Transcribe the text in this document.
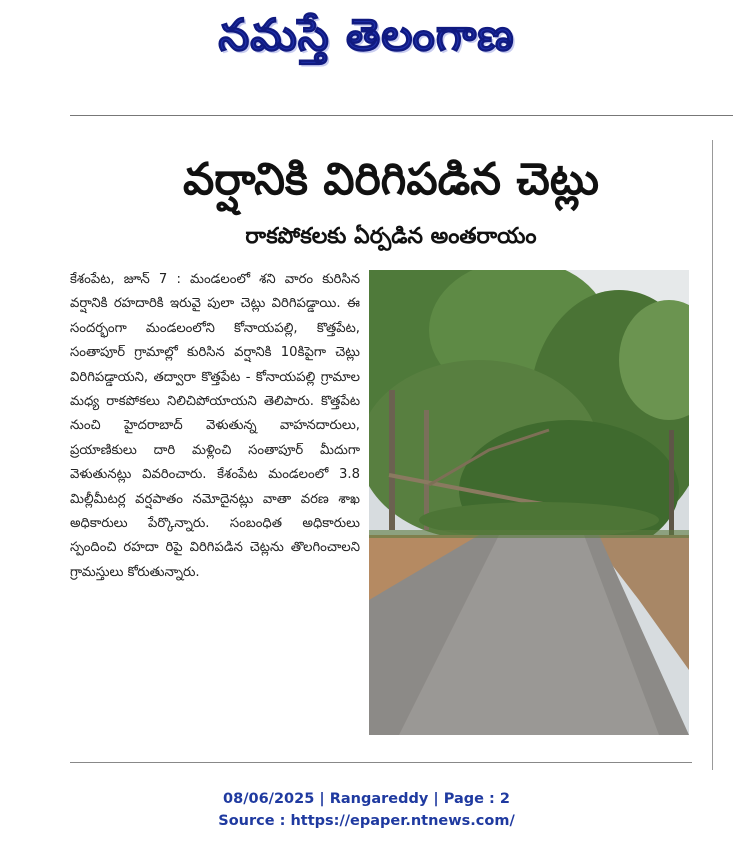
నమస్తే తెలంగాణ
వర్షానికి విరిగిపడిన చెట్లు
రాకపోకలకు ఏర్పడిన అంతరాయం

కేశంపేట, జూన్ 7 : మండలంలో శని వారం కురిసిన వర్షానికి రహదారికి ఇరువై పులా చెట్లు విరిగిపడ్డాయి. ఈ సందర్భంగా మండలంలోని కోనాయపల్లి, కొత్తపేట, సంతాపూర్ గ్రామాల్లో కురిసిన వర్షానికి 10కిపైగా చెట్లు విరిగిపడ్డాయని, తద్వారా కొత్తపేట - కోనాయపల్లి గ్రామాల మధ్య రాకపోకలు నిలిచిపోయాయని తెలిపారు. కొత్తపేట నుంచి హైదరాబాద్ వెళుతున్న వాహనదారులు, ప్రయాణికులు దారి మళ్లించి సంతాపూర్ మీదుగా వెళుతునట్లు వివరించారు. కేశంపేట మండలంలో 3.8 మిల్లీమీటర్ల వర్షపాతం నమోదైనట్లు వాతా వరణ శాఖ అధికారులు పేర్కొన్నారు. సంబంధిత అధికారులు స్పందించి రహదా రిపై విరిగిపడిన చెట్లను తొలగించాలని గ్రామస్తులు కోరుతున్నారు.

08/06/2025 | Rangareddy | Page : 2
Source : https://epaper.ntnews.com/
